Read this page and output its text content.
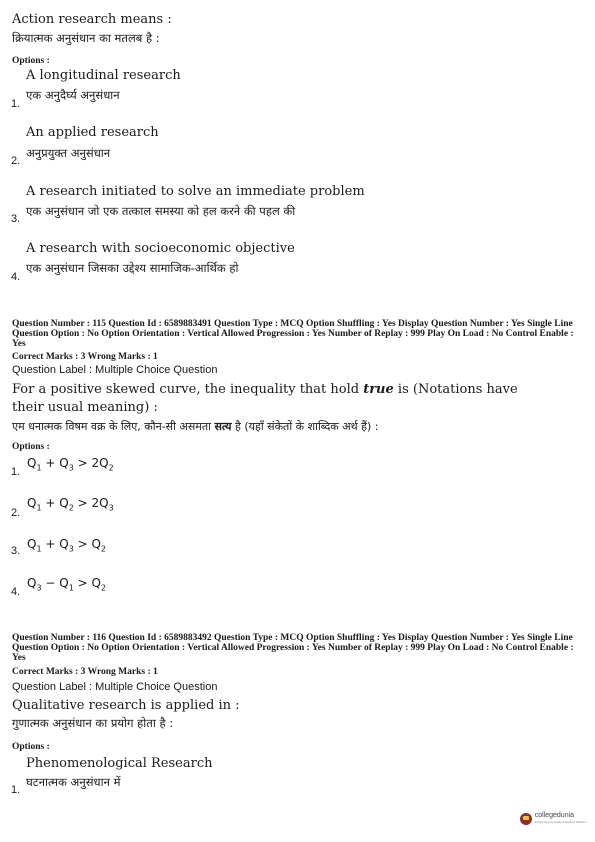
Action research means :
क्रियात्मक अनुसंधान का मतलब है :
Options :
A longitudinal research
एक अनुदैर्घ्य अनुसंधान
1.
An applied research
अनुप्रयुक्त अनुसंधान
2.
A research initiated to solve an immediate problem
एक अनुसंधान जो एक तत्काल समस्या को हल करने की पहल की
3.
A research with socioeconomic objective
एक अनुसंधान जिसका उद्देश्य सामाजिक-आर्थिक हो
4.
Question Number : 115 Question Id : 6589883491 Question Type : MCQ Option Shuffling : Yes Display Question Number : Yes Single Line Question Option : No Option Orientation : Vertical Allowed Progression : Yes Number of Replay : 999 Play On Load : No Control Enable : Yes
Correct Marks : 3 Wrong Marks : 1
Question Label : Multiple Choice Question
For a positive skewed curve, the inequality that hold true is (Notations have
their usual meaning) :
एम धनात्मक विषम वक्र के लिए, कौन-सी असमता सत्य है (यहाँ संकेतों के शाब्दिक अर्थ हैं) :
Options :
$Q_1 + Q_3 > 2Q_2$
1.
$Q_1 + Q_2 > 2Q_3$
2.
$Q_1 + Q_3 > Q_2$
3.
$Q_3 - Q_1 > Q_2$
4.
Question Number : 116 Question Id : 6589883492 Question Type : MCQ Option Shuffling : Yes Display Question Number : Yes Single Line Question Option : No Option Orientation : Vertical Allowed Progression : Yes Number of Replay : 999 Play On Load : No Control Enable : Yes
Correct Marks : 3 Wrong Marks : 1
Question Label : Multiple Choice Question
Qualitative research is applied in :
गुणात्मक अनुसंधान का प्रयोग होता है :
Options :
Phenomenological Research
घटनात्मक अनुसंधान में
1.
collegedunia
India's largest Student Review Platform
